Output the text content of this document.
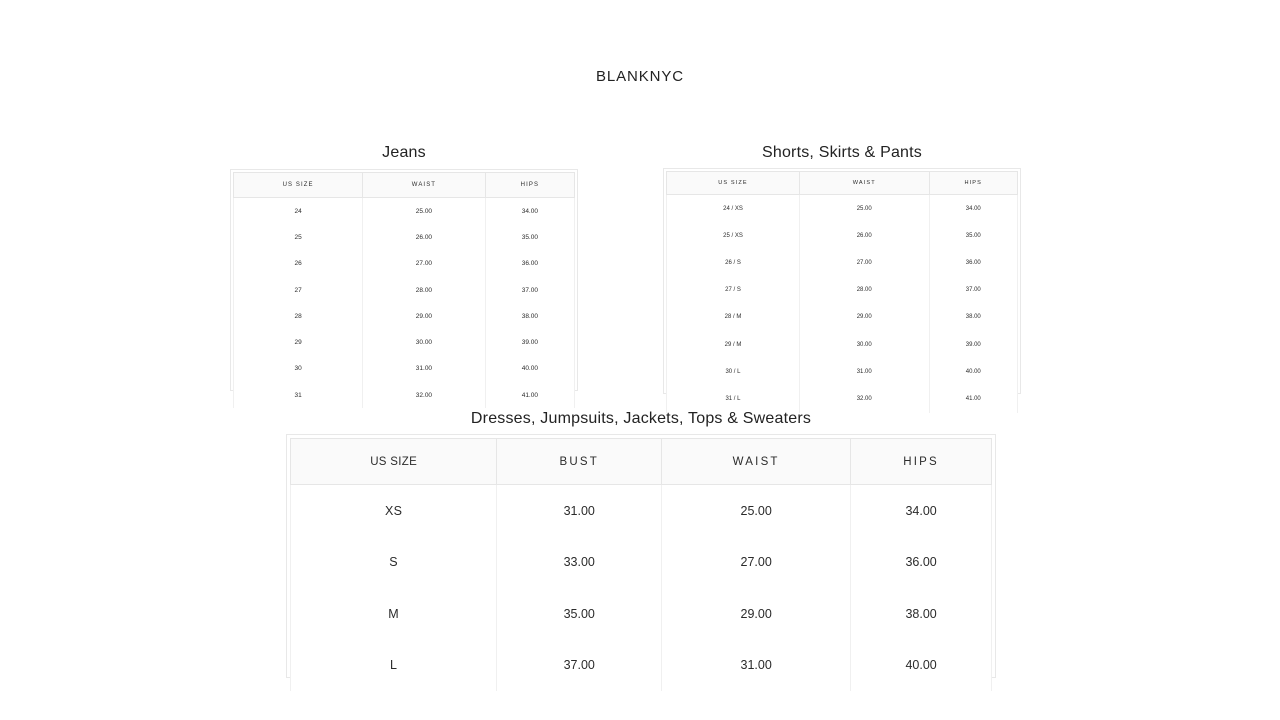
BLANKNYC
Jeans
US SIZE	WAIST	HIPS
24	25.00	34.00
25	26.00	35.00
26	27.00	36.00
27	28.00	37.00
28	29.00	38.00
29	30.00	39.00
30	31.00	40.00
31	32.00	41.00
Shorts, Skirts & Pants
US SIZE	WAIST	HIPS
24 / XS	25.00	34.00
25 / XS	26.00	35.00
26 / S	27.00	36.00
27 / S	28.00	37.00
28 / M	29.00	38.00
29 / M	30.00	39.00
30 / L	31.00	40.00
31 / L	32.00	41.00
Dresses, Jumpsuits, Jackets, Tops & Sweaters
US SIZE	BUST	WAIST	HIPS
XS	31.00	25.00	34.00
S	33.00	27.00	36.00
M	35.00	29.00	38.00
L	37.00	31.00	40.00
